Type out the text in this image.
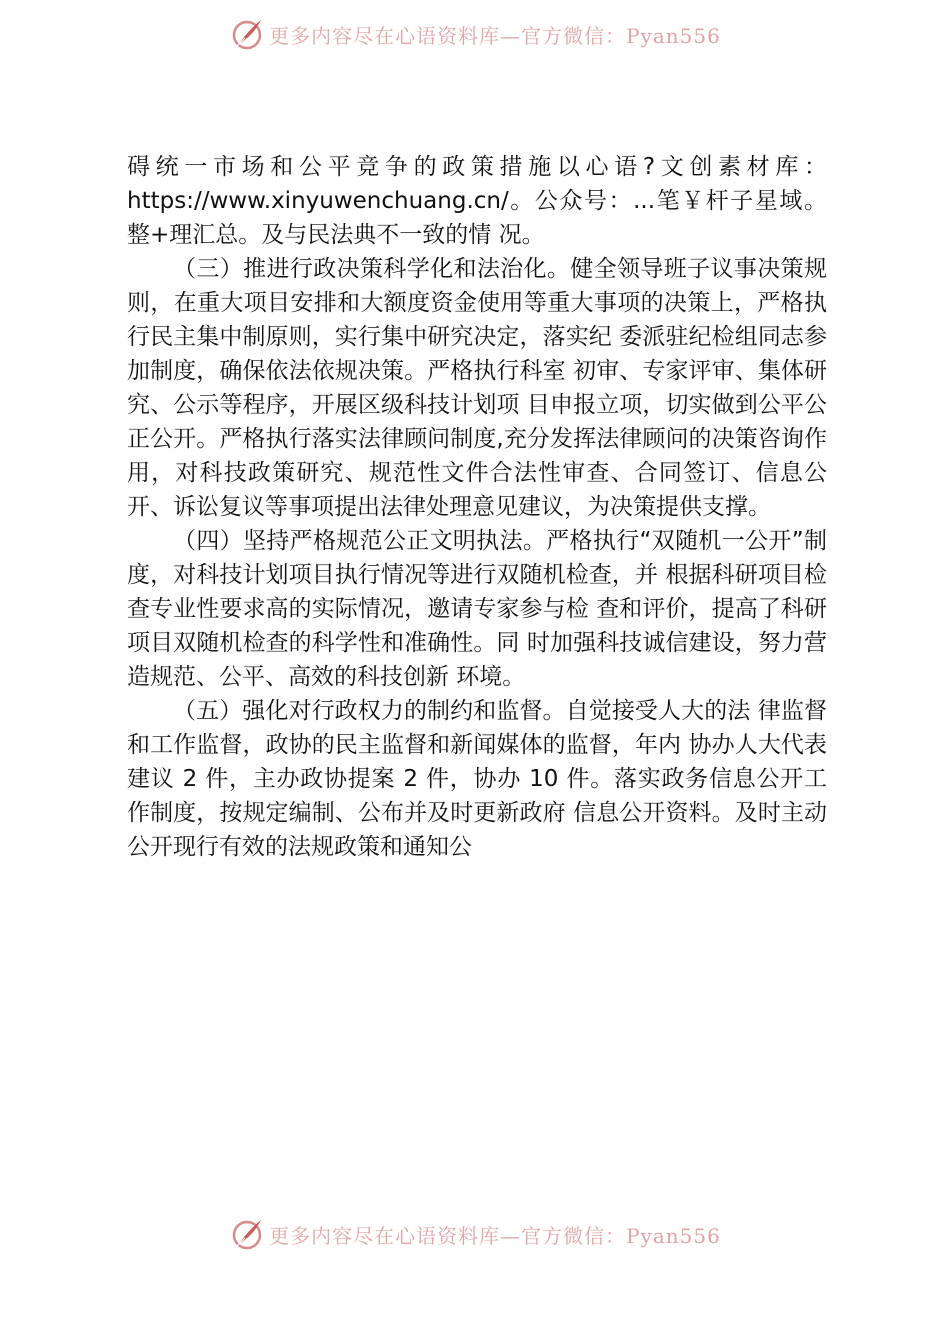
更多内容尽在心语资料库—官方微信：Pyan556

碍统一市场和公平竞争的政策措施以心语?文创素材库：https://www.xinyuwenchuang.cn/。公众号：...笔￥杆子星域。整+理汇总。及与民法典不一致的情 况。

（三）推进行政决策科学化和法治化。健全领导班子议事决策规则，在重大项目安排和大额度资金使用等重大事项的决策上，严格执行民主集中制原则，实行集中研究决定，落实纪 委派驻纪检组同志参加制度，确保依法依规决策。严格执行科室 初审、专家评审、集体研究、公示等程序，开展区级科技计划项 目申报立项，切实做到公平公正公开。严格执行落实法律顾问制度,充分发挥法律顾问的决策咨询作用，对科技政策研究、规范性文件合法性审查、合同签订、信息公开、诉讼复议等事项提出法律处理意见建议，为决策提供支撑。

（四）坚持严格规范公正文明执法。严格执行“双随机一公开”制度，对科技计划项目执行情况等进行双随机检查，并 根据科研项目检查专业性要求高的实际情况，邀请专家参与检 查和评价，提高了科研项目双随机检查的科学性和准确性。同 时加强科技诚信建设，努力营造规范、公平、高效的科技创新 环境。

（五）强化对行政权力的制约和监督。自觉接受人大的法 律监督和工作监督，政协的民主监督和新闻媒体的监督，年内 协办人大代表建议 2 件，主办政协提案 2 件，协办 10 件。落实政务信息公开工作制度，按规定编制、公布并及时更新政府 信息公开资料。及时主动公开现行有效的法规政策和通知公

更多内容尽在心语资料库—官方微信：Pyan556
